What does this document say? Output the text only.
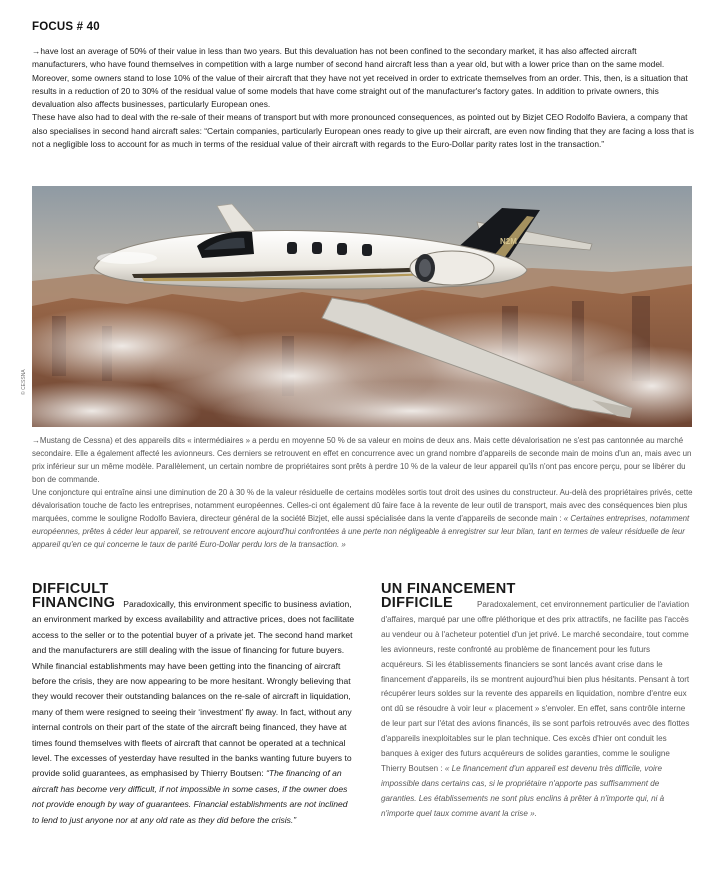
FOCUS # 40

→have lost an average of 50% of their value in less than two years. But this devaluation has not been confined to the secondary market, it has also affected aircraft manufacturers, who have found themselves in competition with a large number of second hand aircraft less than a year old, but with a lower price than on the same model. Moreover, some owners stand to lose 10% of the value of their aircraft that they have not yet received in order to extricate themselves from an order. This, then, is a situation that results in a reduction of 20 to 30% of the residual value of some models that have come straight out of the manufacturer's factory gates. In addition to private owners, this devaluation also affects businesses, particularly European ones.

These have also had to deal with the re-sale of their means of transport but with more pronounced consequences, as pointed out by Bizjet CEO Rodolfo Baviera, a company that also specialises in second hand aircraft sales: “Certain companies, particularly European ones ready to give up their aircraft, are even now finding that they are facing a loss that is not a negligible loss to account for as much in terms of the residual value of their aircraft with regards to the Euro-Dollar parity rates lost in the transaction.”

N2M
© CESSNA

→Mustang de Cessna) et des appareils dits « intermédiaires » a perdu en moyenne 50 % de sa valeur en moins de deux ans. Mais cette dévalorisation ne s'est pas cantonnée au marché secondaire. Elle a également affecté les avionneurs. Ces derniers se retrouvent en effet en concurrence avec un grand nombre d'appareils de seconde main de moins d'un an, mais avec un prix inférieur sur un même modèle. Parallèlement, un certain nombre de propriétaires sont prêts à perdre 10 % de la valeur de leur appareil qu'ils n'ont pas encore perçu, pour se libérer du bon de commande.

Une conjoncture qui entraîne ainsi une diminution de 20 à 30 % de la valeur résiduelle de certains modèles sortis tout droit des usines du constructeur. Au-delà des propriétaires privés, cette dévalorisation touche de facto les entreprises, notamment européennes. Celles-ci ont également dû faire face à la revente de leur outil de transport, mais avec des conséquences bien plus marquées, comme le souligne Rodolfo Baviera, directeur général de la société Bizjet, elle aussi spécialisée dans la vente d'appareils de seconde main : « Certaines entreprises, notamment européennes, prêtes à céder leur appareil, se retrouvent encore aujourd'hui confrontées à une perte non négligeable à enregistrer sur leur bilan, tant en termes de valeur résiduelle de leur appareil qu'en ce qui concerne le taux de parité Euro-Dollar perdu lors de la transaction. »

DIFFICULT
FINANCING Paradoxically, this environment specific to business aviation, an environment marked by excess availability and attractive prices, does not facilitate access to the seller or to the potential buyer of a private jet. The second hand market and the manufacturers are still dealing with the issue of financing for future buyers. While financial establishments may have been getting into the financing of aircraft before the crisis, they are now appearing to be more hesitant. Wrongly believing that they would recover their outstanding balances on the re-sale of aircraft in liquidation, many of them were resigned to seeing their ‘investment’ fly away. In fact, without any internal controls on their part of the state of the aircraft being financed, they have at times found themselves with fleets of aircraft that cannot be operated at a technical level. The excesses of yesterday have resulted in the banks wanting future buyers to provide solid guarantees, as emphasised by Thierry Boutsen: “The financing of an aircraft has become very difficult, if not impossible in some cases, if the owner does not provide enough by way of guarantees. Financial establishments are not inclined to lend to just anyone nor at any old rate as they did before the crisis.”
UN FINANCEMENT
DIFFICILE	Paradoxalement, cet environnement particulier de l'aviation d'affaires, marqué par une offre pléthorique et des prix attractifs, ne facilite pas l'accès au vendeur ou à l'acheteur potentiel d'un jet privé. Le marché secondaire, tout comme les avionneurs, reste confronté au problème de financement pour les futurs acquéreurs. Si les établissements financiers se sont lancés avant crise dans le financement d'appareils, ils se montrent aujourd'hui bien plus hésitants. Pensant à tort récupérer leurs soldes sur la revente des appareils en liquidation, nombre d'entre eux ont dû se résoudre à voir leur « placement » s'envoler. En effet, sans contrôle interne de leur part sur l'état des avions financés, ils se sont parfois retrouvés avec des flottes d'appareils inexploitables sur le plan technique. Ces excès d'hier ont conduit les banques à exiger des futurs acquéreurs de solides garanties, comme le souligne Thierry Boutsen : « Le financement d'un appareil est devenu très difficile, voire impossible dans certains cas, si le propriétaire n'apporte pas suffisamment de garanties. Les établissements ne sont plus enclins à prêter à n'importe qui, ni à n'importe quel taux comme avant la crise ».
